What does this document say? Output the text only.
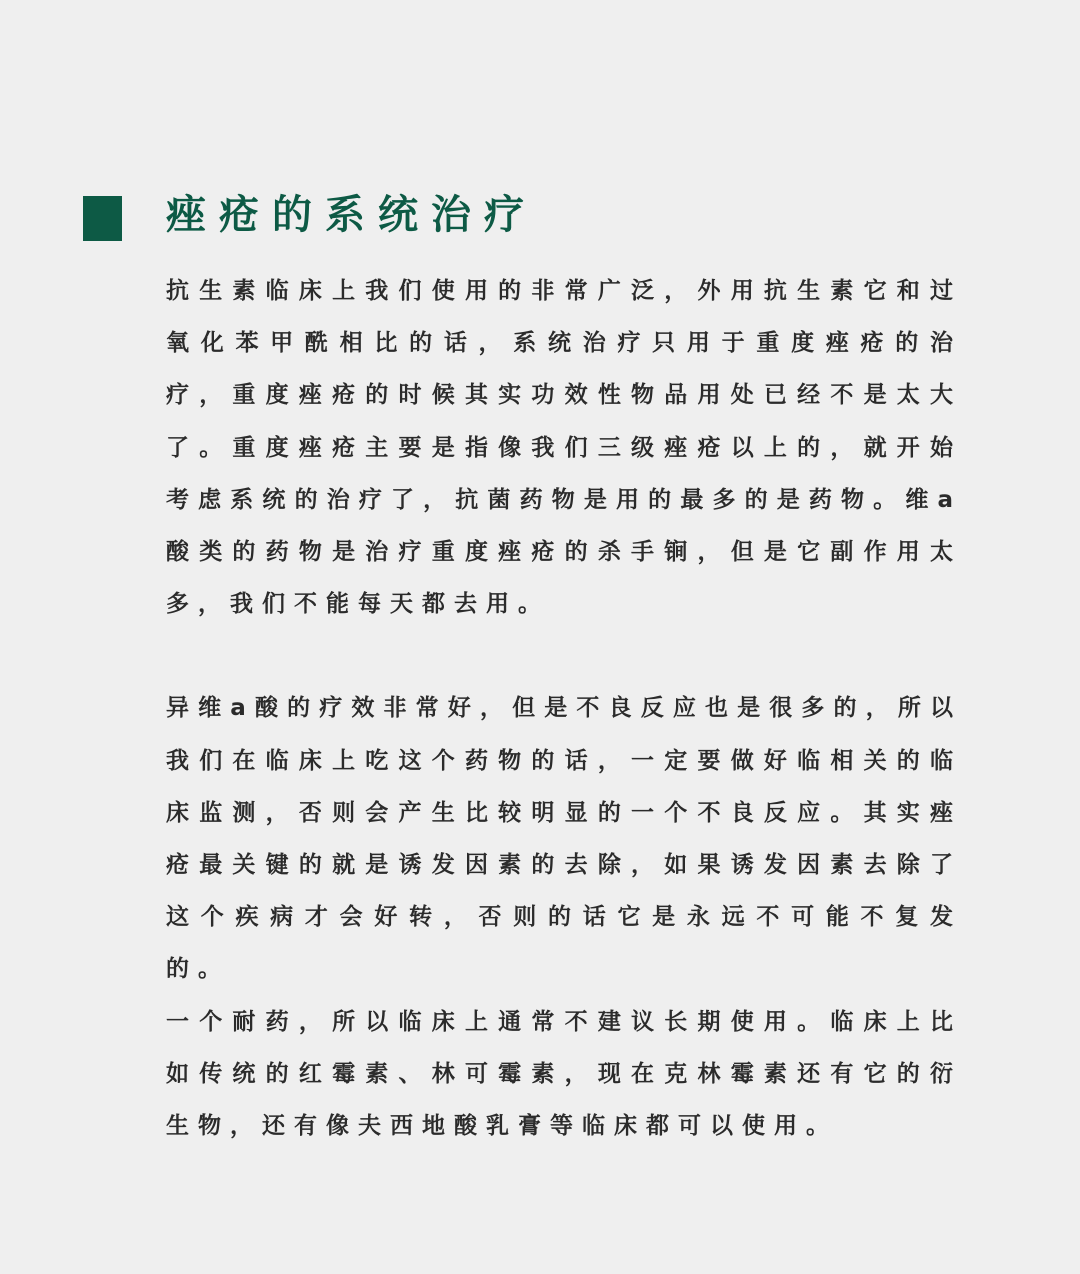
痤疮的系统治疗

抗生素临床上我们使用的非常广泛，外用抗生素它和过氧化苯甲酰相比的话，系统治疗只用于重度痤疮的治疗，重度痤疮的时候其实功效性物品用处已经不是太大了。重度痤疮主要是指像我们三级痤疮以上的，就开始考虑系统的治疗了，抗菌药物是用的最多的是药物。维a酸类的药物是治疗重度痤疮的杀手锏，但是它副作用太多，我们不能每天都去用。

异维a酸的疗效非常好，但是不良反应也是很多的，所以我们在临床上吃这个药物的话，一定要做好临相关的临床监测，否则会产生比较明显的一个不良反应。其实痤疮最关键的就是诱发因素的去除，如果诱发因素去除了这个疾病才会好转，否则的话它是永远不可能不复发的。

一个耐药，所以临床上通常不建议长期使用。临床上比如传统的红霉素、林可霉素，现在克林霉素还有它的衍生物，还有像夫西地酸乳膏等临床都可以使用。
